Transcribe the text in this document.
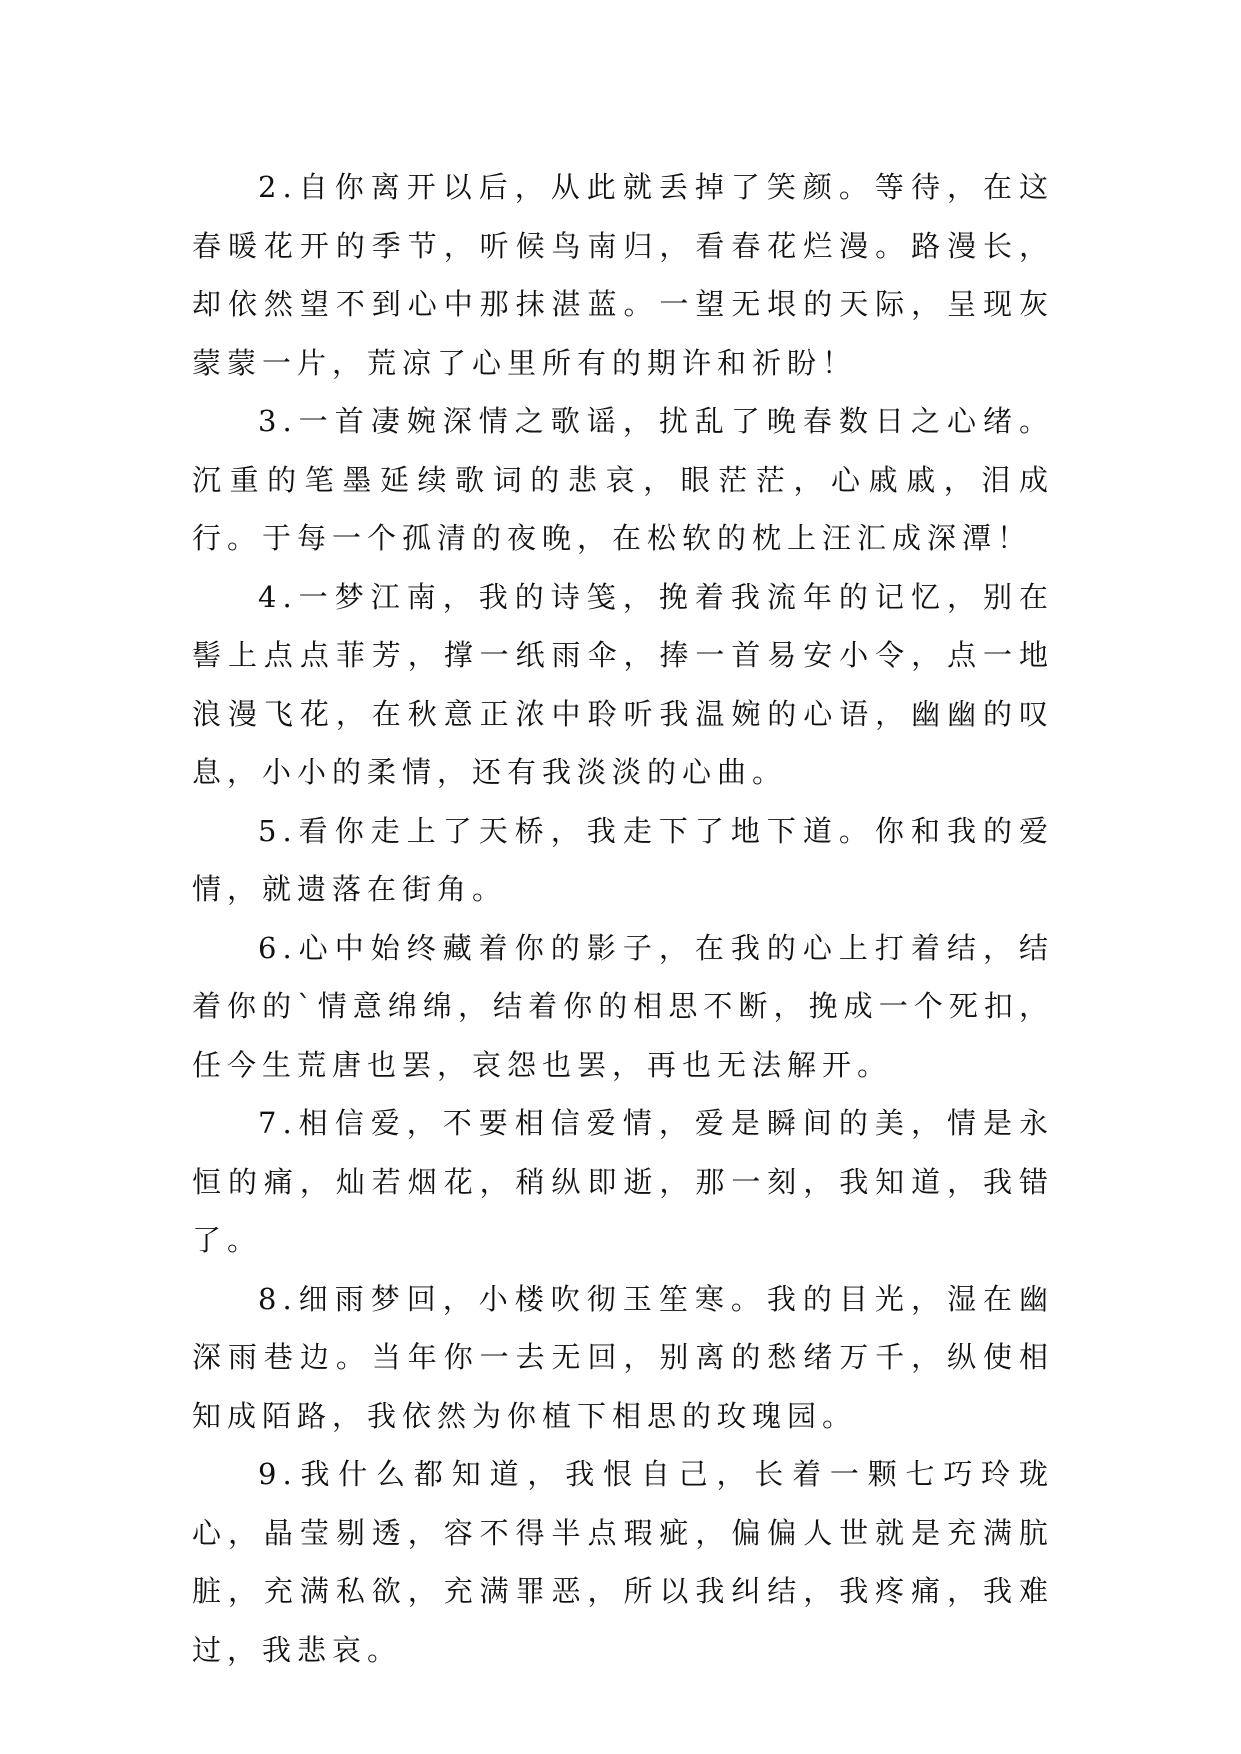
2.自你离开以后，从此就丢掉了笑颜。等待，在这春暖花开的季节，听候鸟南归，看春花烂漫。路漫长，却依然望不到心中那抹湛蓝。一望无垠的天际，呈现灰蒙蒙一片，荒凉了心里所有的期许和祈盼！

3.一首凄婉深情之歌谣，扰乱了晚春数日之心绪。沉重的笔墨延续歌词的悲哀，眼茫茫，心戚戚，泪成行。于每一个孤清的夜晚，在松软的枕上汪汇成深潭！

4.一梦江南，我的诗笺，挽着我流年的记忆，别在髻上点点菲芳，撑一纸雨伞，捧一首易安小令，点一地浪漫飞花，在秋意正浓中聆听我温婉的心语，幽幽的叹息，小小的柔情，还有我淡淡的心曲。

5.看你走上了天桥，我走下了地下道。你和我的爱情，就遗落在街角。

6.心中始终藏着你的影子，在我的心上打着结，结着你的`情意绵绵，结着你的相思不断，挽成一个死扣，任今生荒唐也罢，哀怨也罢，再也无法解开。

7.相信爱，不要相信爱情，爱是瞬间的美，情是永恒的痛，灿若烟花，稍纵即逝，那一刻，我知道，我错了。

8.细雨梦回，小楼吹彻玉笙寒。我的目光，湿在幽深雨巷边。当年你一去无回，别离的愁绪万千，纵使相知成陌路，我依然为你植下相思的玫瑰园。

9.我什么都知道，我恨自己，长着一颗七巧玲珑心，晶莹剔透，容不得半点瑕疵，偏偏人世就是充满肮脏，充满私欲，充满罪恶，所以我纠结，我疼痛，我难过，我悲哀。
